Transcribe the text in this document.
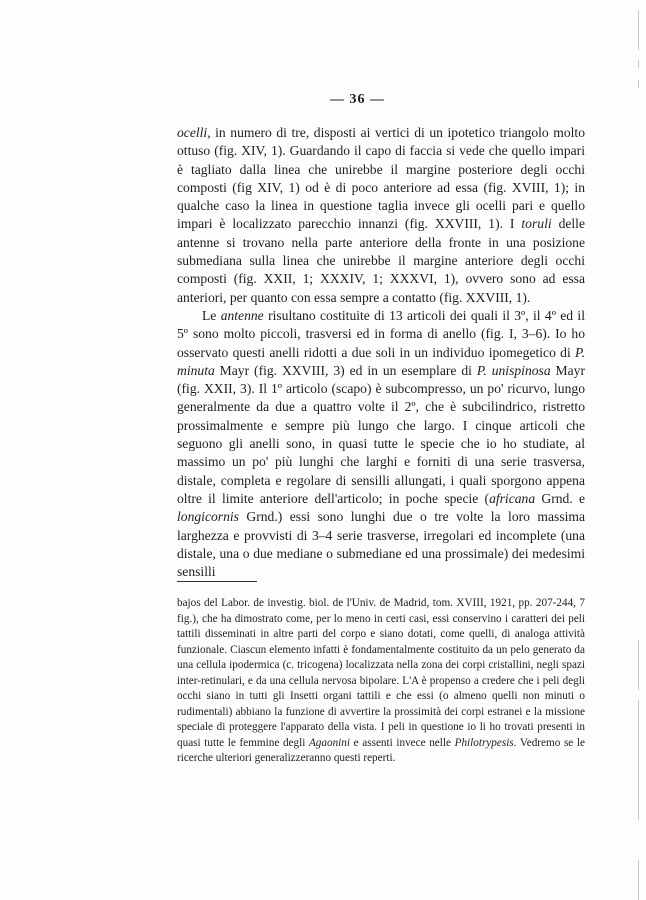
— 36 —

ocelli, in numero di tre, disposti ai vertici di un ipotetico triangolo molto ottuso (fig. XIV, 1). Guardando il capo di faccia si vede che quello impari è tagliato dalla linea che unirebbe il margine posteriore degli occhi composti (fig XIV, 1) od è di poco anteriore ad essa (fig. XVIII, 1); in qualche caso la linea in questione taglia invece gli ocelli pari e quello impari è localizzato parecchio innanzi (fig. XXVIII, 1). I toruli delle antenne si trovano nella parte anteriore della fronte in una posizione submediana sulla linea che unirebbe il margine anteriore degli occhi composti (fig. XXII, 1; XXXIV, 1; XXXVI, 1), ovvero sono ad essa anteriori, per quanto con essa sempre a contatto (fig. XXVIII, 1).

Le antenne risultano costituite di 13 articoli dei quali il 3º, il 4º ed il 5º sono molto piccoli, trasversi ed in forma di anello (fig. I, 3–6). Io ho osservato questi anelli ridotti a due soli in un individuo ipomegetico di P. minuta Mayr (fig. XXVIII, 3) ed in un esemplare di P. unispinosa Mayr (fig. XXII, 3). Il 1º articolo (scapo) è subcompresso, un po' ricurvo, lungo generalmente da due a quattro volte il 2º, che è subcilindrico, ristretto prossimalmente e sempre più lungo che largo. I cinque articoli che seguono gli anelli sono, in quasi tutte le specie che io ho studiate, al massimo un po' più lunghi che larghi e forniti di una serie trasversa, distale, completa e regolare di sensilli allungati, i quali sporgono appena oltre il limite anteriore dell'articolo; in poche specie (africana Grnd. e longicornis Grnd.) essi sono lunghi due o tre volte la loro massima larghezza e provvisti di 3–4 serie trasverse, irregolari ed incomplete (una distale, una o due mediane o submediane ed una prossimale) dei medesimi sensilli

bajos del Labor. de investig. biol. de l'Univ. de Madrid, tom. XVIII, 1921, pp. 207-244, 7 fig.), che ha dimostrato come, per lo meno in certi casi, essi conservino i caratteri dei peli tattili disseminati in altre parti del corpo e siano dotati, come quelli, di analoga attività funzionale. Ciascun elemento infatti è fondamentalmente costituito da un pelo generato da una cellula ipodermica (c. tricogena) localizzata nella zona dei corpi cristallini, negli spazi inter-retinulari, e da una cellula nervosa bipolare. L'A è propenso a credere che i peli degli occhi siano in tutti gli Insetti organi tattili e che essi (o almeno quelli non minuti o rudimentali) abbiano la funzione di avvertire la prossimità dei corpi estranei e la missione speciale di proteggere l'apparato della vista. I peli in questione io li ho trovati presenti in quasi tutte le femmine degli Agaonini e assenti invece nelle Philotrypesis. Vedremo se le ricerche ulteriori generalizzeranno questi reperti.
